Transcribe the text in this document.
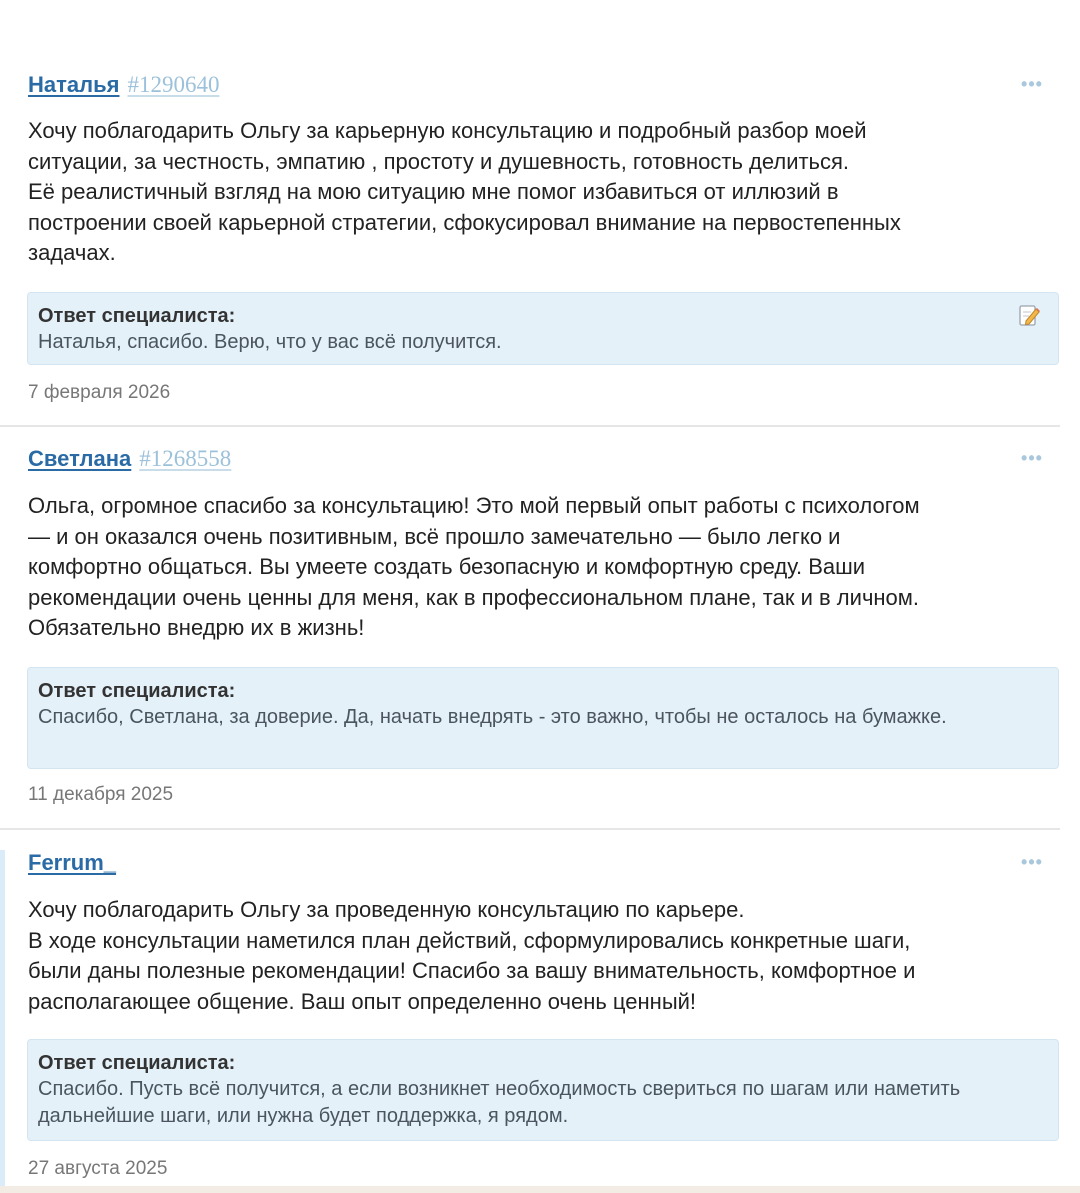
Наталья #1290640	•••
Хочу поблагодарить Ольгу за карьерную консультацию и подробный разбор моей
ситуации, за честность, эмпатию , простоту и душевность, готовность делиться.
Её реалистичный взгляд на мою ситуацию мне помог избавиться от иллюзий в
построении своей карьерной стратегии, сфокусировал внимание на первостепенных
задачах.
Ответ специалиста:
Наталья, спасибо. Верю, что у вас всё получится.
7 февраля 2026
Светлана #1268558	•••
Ольга, огромное спасибо за консультацию! Это мой первый опыт работы с психологом
— и он оказался очень позитивным, всё прошло замечательно — было легко и
комфортно общаться. Вы умеете создать безопасную и комфортную среду. Ваши
рекомендации очень ценны для меня, как в профессиональном плане, так и в личном.
Обязательно внедрю их в жизнь!
Ответ специалиста:
Спасибо, Светлана, за доверие. Да, начать внедрять - это важно, чтобы не осталось на бумажке.
11 декабря 2025
Ferrum_	•••
Хочу поблагодарить Ольгу за проведенную консультацию по карьере.
В ходе консультации наметился план действий, сформулировались конкретные шаги,
были даны полезные рекомендации! Спасибо за вашу внимательность, комфортное и
располагающее общение. Ваш опыт определенно очень ценный!
Ответ специалиста:
Спасибо. Пусть всё получится, а если возникнет необходимость свериться по шагам или наметить дальнейшие шаги, или нужна будет поддержка, я рядом.
27 августа 2025
